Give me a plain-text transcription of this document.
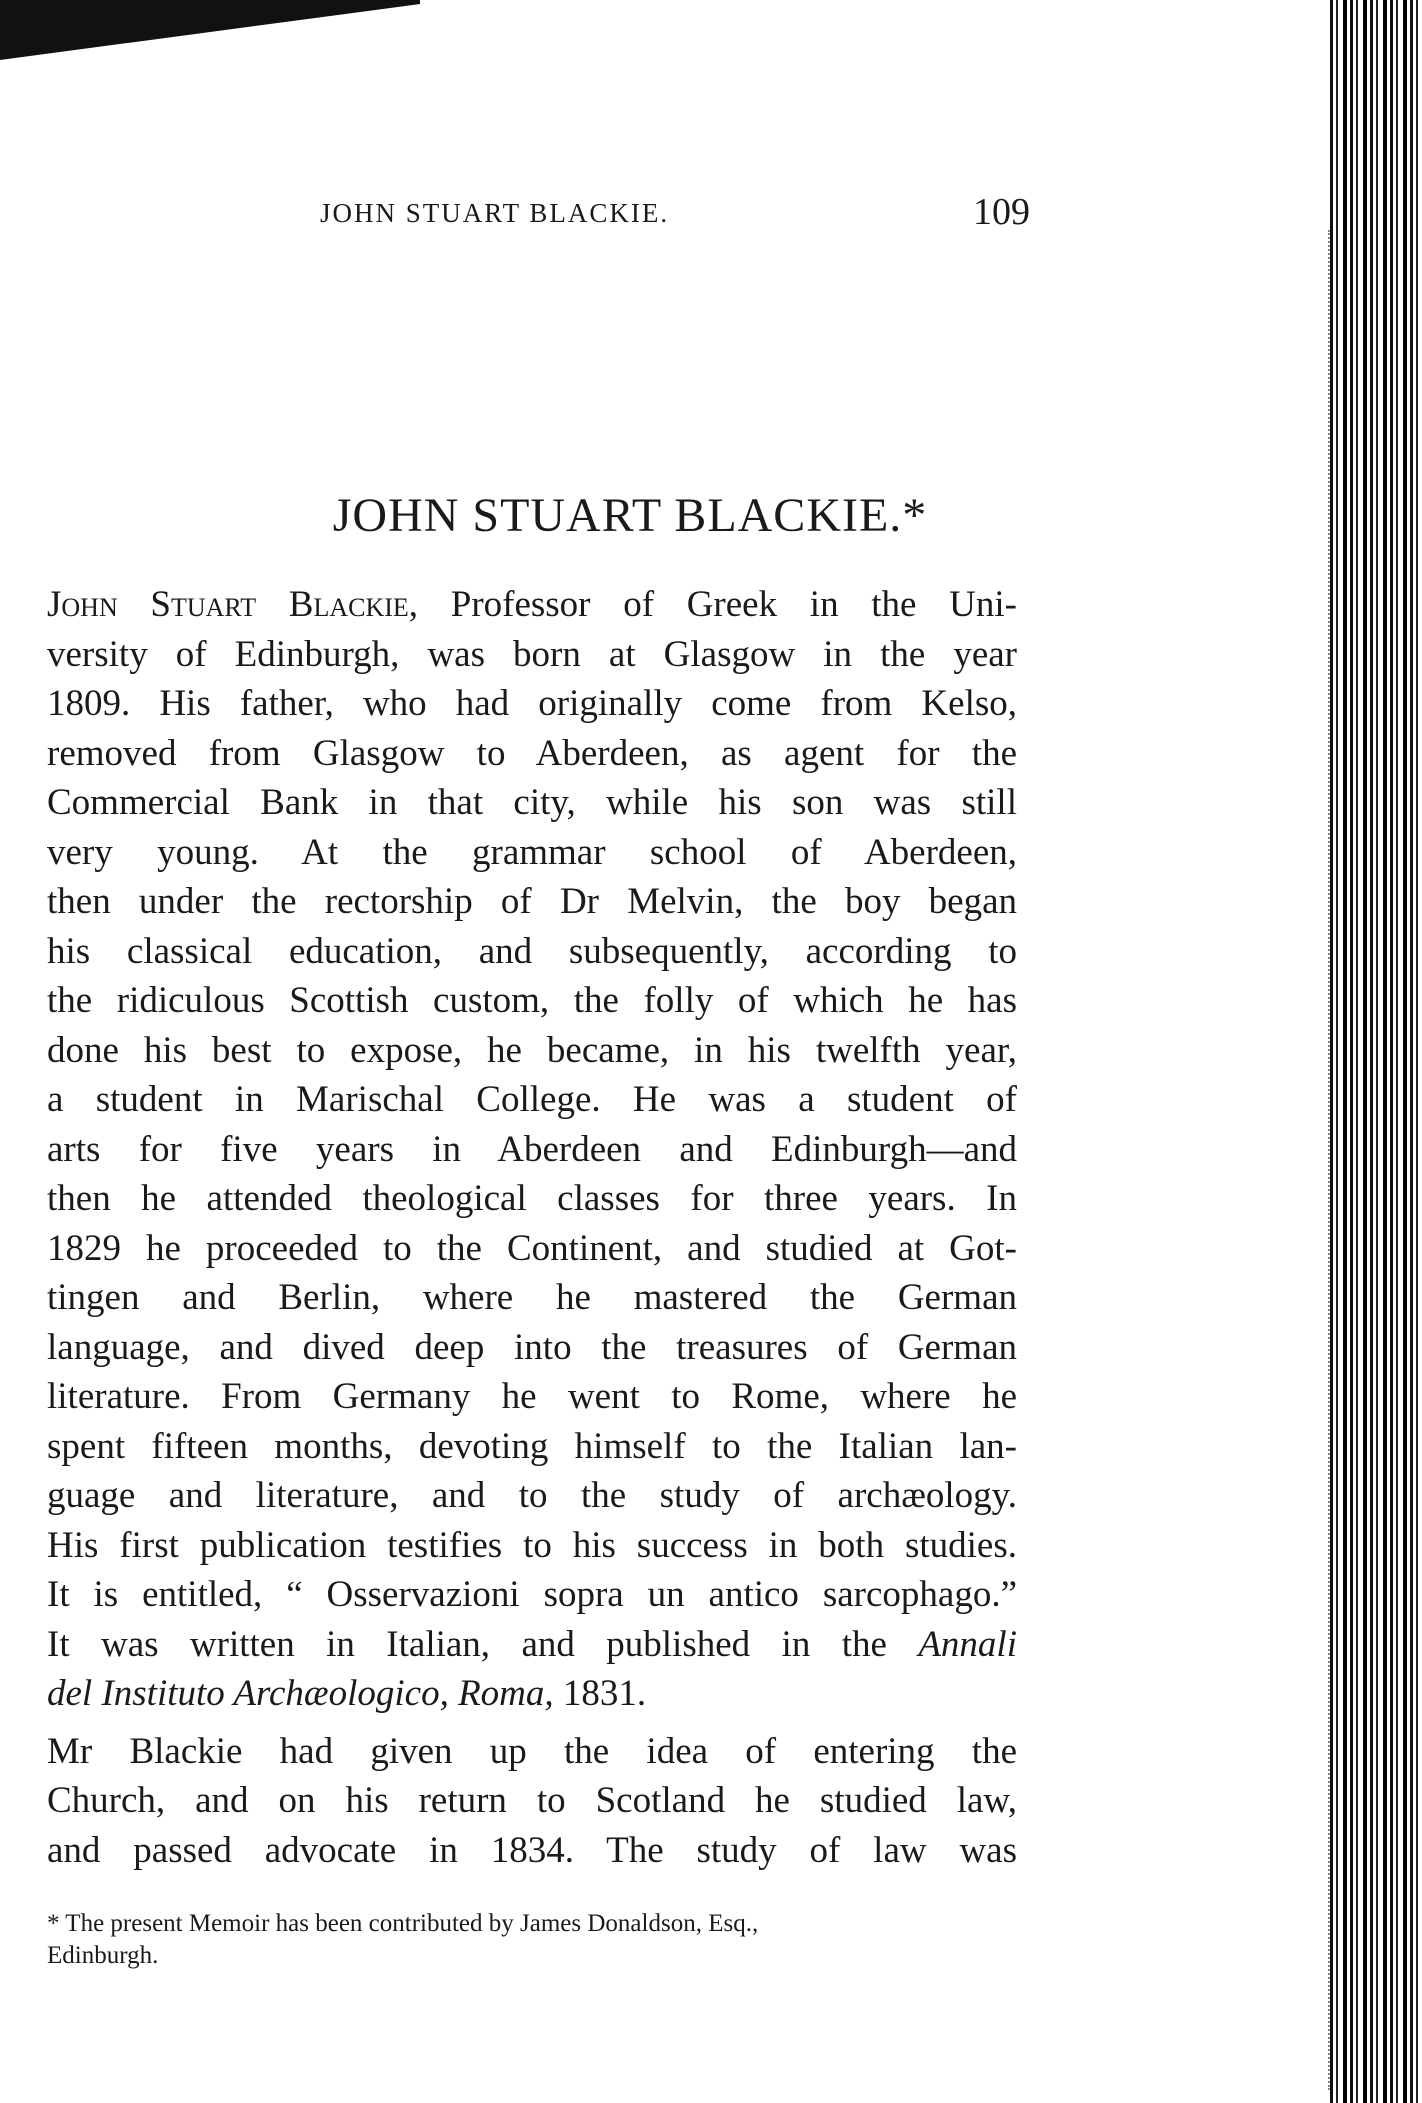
JOHN STUART BLACKIE.	109
JOHN STUART BLACKIE.*
John Stuart Blackie, Professor of Greek in the Uni-
versity of Edinburgh, was born at Glasgow in the year
1809. His father, who had originally come from Kelso,
removed from Glasgow to Aberdeen, as agent for the
Commercial Bank in that city, while his son was still
very young. At the grammar school of Aberdeen,
then under the rectorship of Dr Melvin, the boy began
his classical education, and subsequently, according to
the ridiculous Scottish custom, the folly of which he has
done his best to expose, he became, in his twelfth year,
a student in Marischal College. He was a student of
arts for five years in Aberdeen and Edinburgh—and
then he attended theological classes for three years. In
1829 he proceeded to the Continent, and studied at Got-
tingen and Berlin, where he mastered the German
language, and dived deep into the treasures of German
literature. From Germany he went to Rome, where he
spent fifteen months, devoting himself to the Italian lan-
guage and literature, and to the study of archæology.
His first publication testifies to his success in both studies.
It is entitled, “ Osservazioni sopra un antico sarcophago.”
It was written in Italian, and published in the Annali
del Instituto Archæologico, Roma, 1831.
Mr Blackie had given up the idea of entering the
Church, and on his return to Scotland he studied law,
and passed advocate in 1834. The study of law was
* The present Memoir has been contributed by James Donaldson, Esq.,
Edinburgh.
